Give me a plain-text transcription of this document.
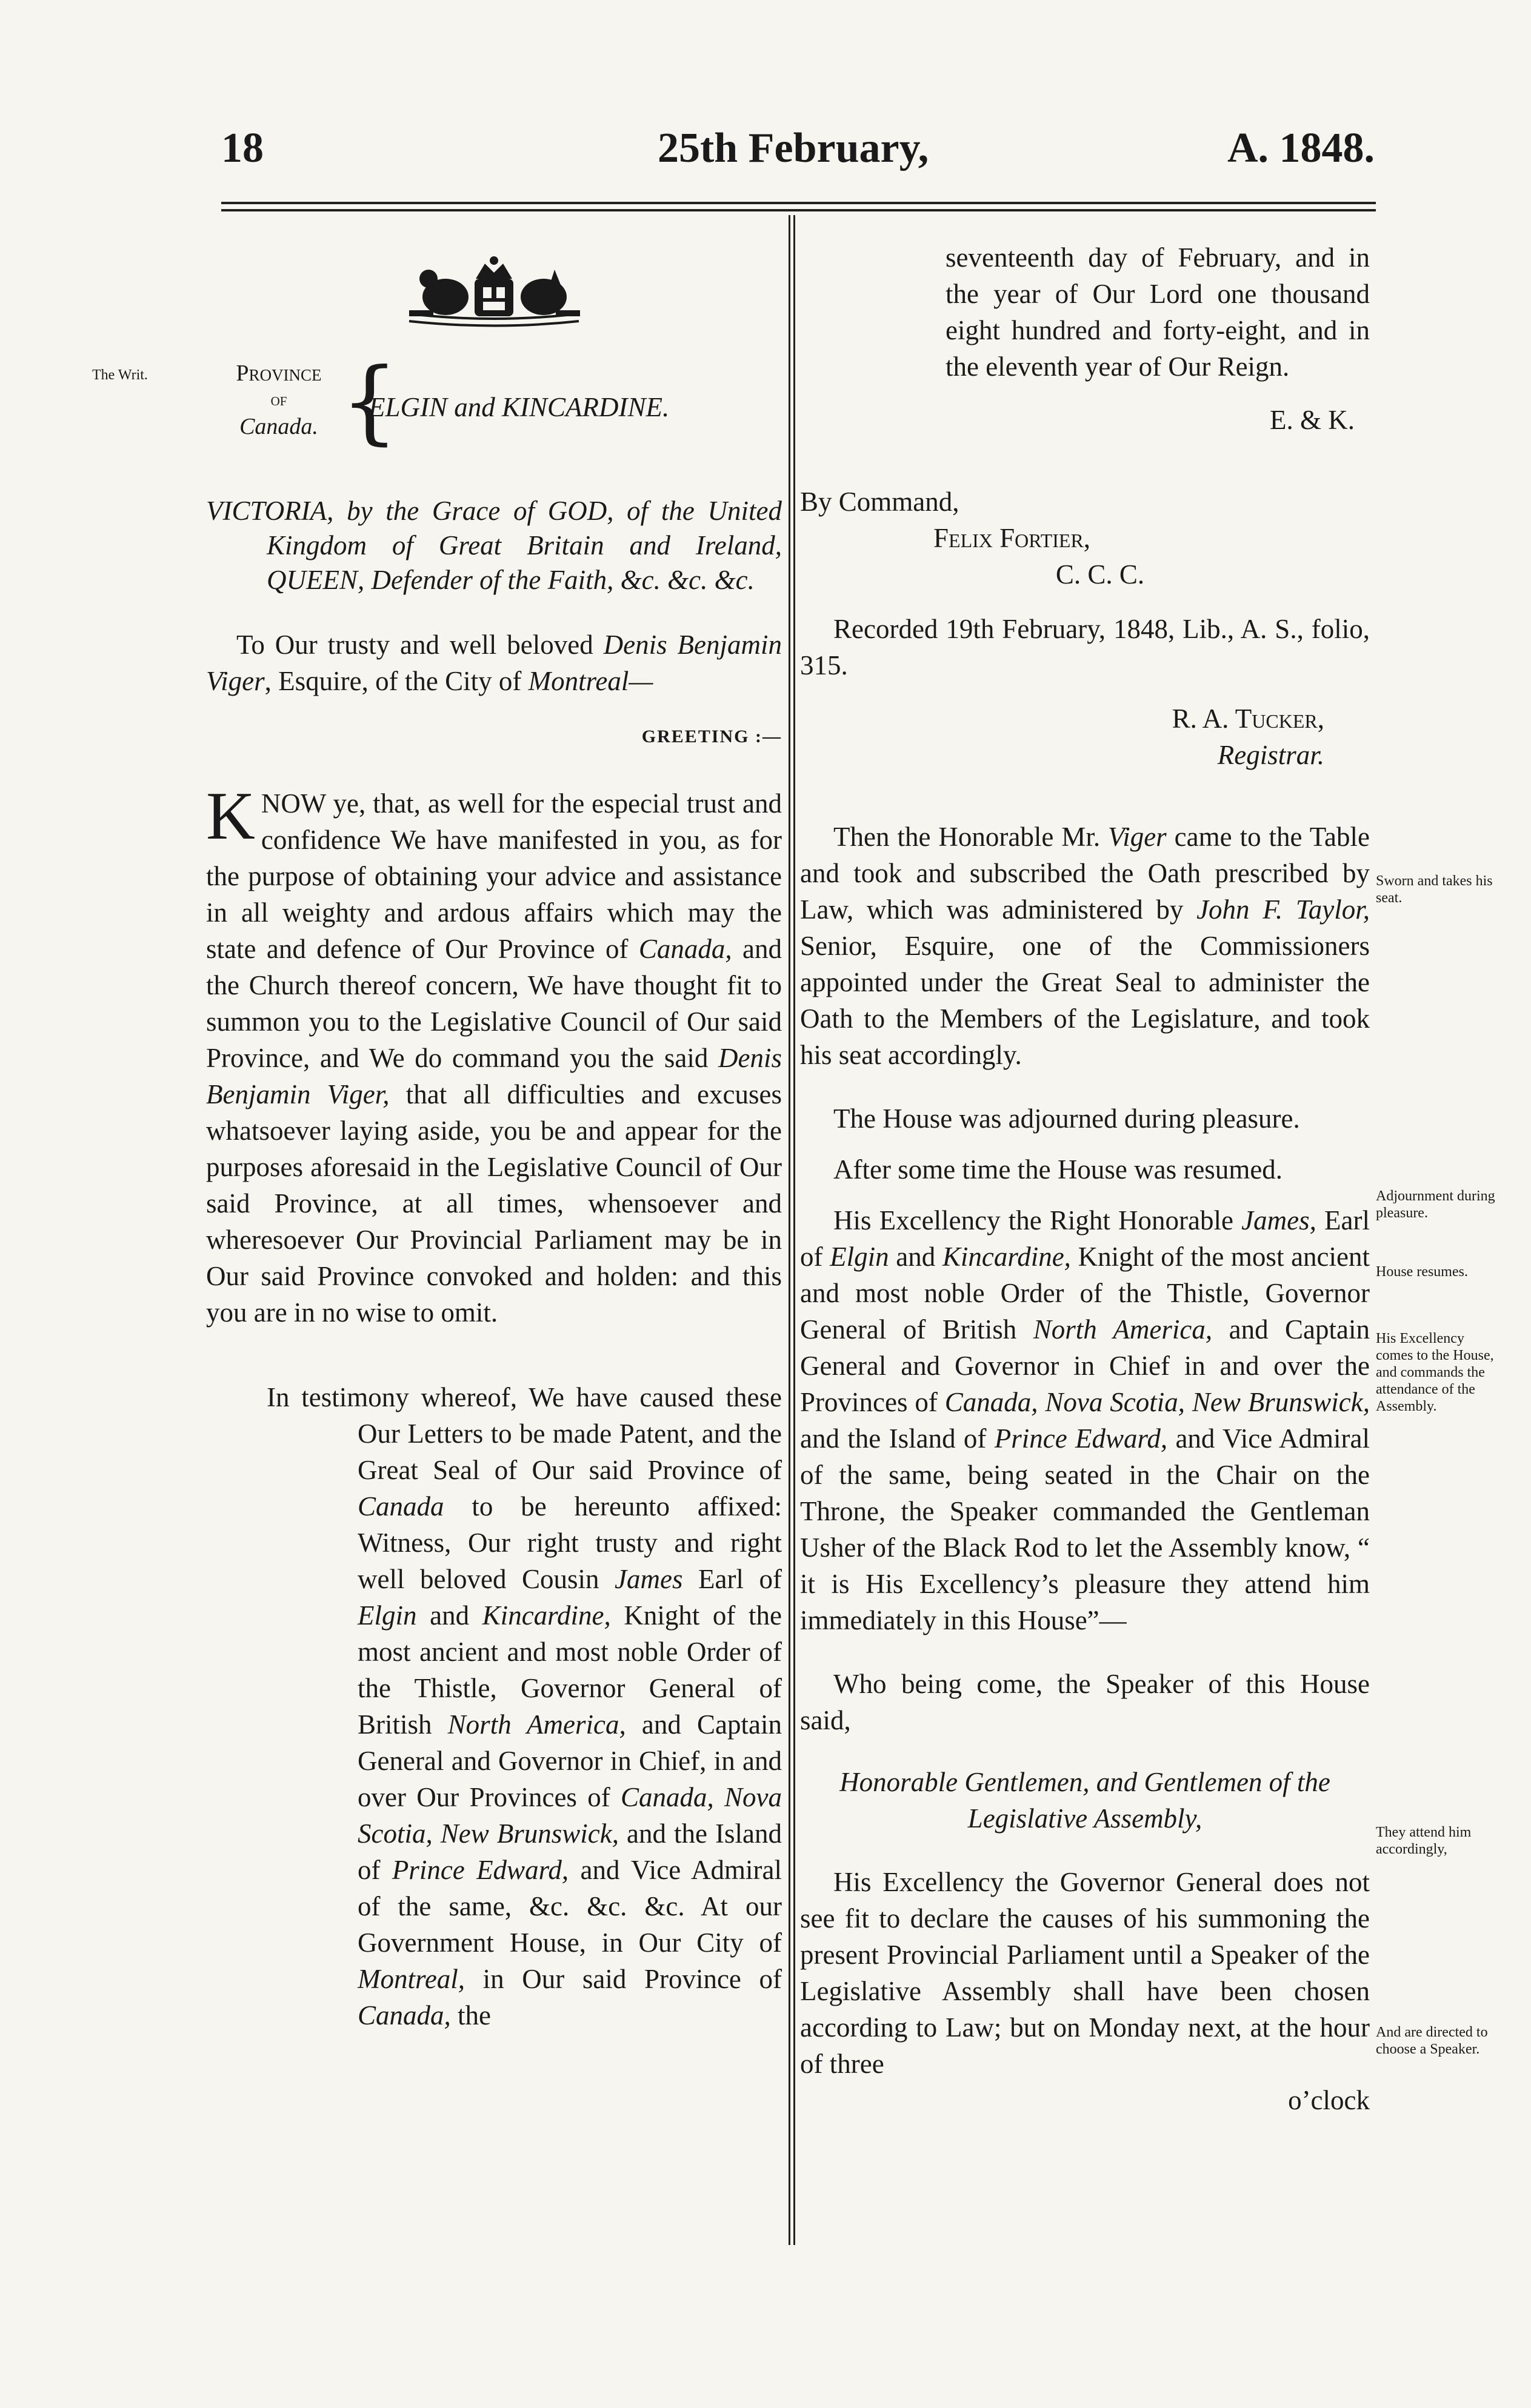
18	25th February,	A. 1848.
The Writ.	Province
of
Canada. {
ELGIN and KINCARDINE.

VICTORIA, by the Grace of GOD, of the United Kingdom of Great Britain and Ireland, QUEEN, Defender of the Faith, &c. &c. &c.

To Our trusty and well beloved Denis Benjamin Viger, Esquire, of the City of Montreal—

GREETING :—

KNOW ye, that, as well for the especial trust and confidence We have manifested in you, as for the purpose of obtaining your advice and assistance in all weighty and ardous affairs which may the state and defence of Our Province of Canada, and the Church thereof concern, We have thought fit to summon you to the Legislative Council of Our said Province, and We do command you the said Denis Benjamin Viger, that all difficulties and excuses whatsoever laying aside, you be and appear for the purposes aforesaid in the Legislative Council of Our said Province, at all times, whensoever and wheresoever Our Provincial Parliament may be in Our said Province convoked and holden: and this you are in no wise to omit.

In testimony whereof, We have caused these Our Letters to be made Patent, and the Great Seal of Our said Province of Canada to be hereunto affixed: Witness, Our right trusty and right well beloved Cousin James Earl of Elgin and Kincardine, Knight of the most ancient and most noble Order of the Thistle, Governor General of British North America, and Captain General and Governor in Chief, in and over Our Provinces of Canada, Nova Scotia, New Brunswick, and the Island of Prince Edward, and Vice Admiral of the same, &c. &c. &c. At our Government House, in Our City of Montreal, in Our said Province of Canada, the

seventeenth day of February, and in the year of Our Lord one thousand eight hundred and forty-eight, and in the eleventh year of Our Reign.

E. & K.

By Command,

Felix Fortier,

C. C. C.

Recorded 19th February, 1848, Lib., A. S., folio, 315.

R. A. Tucker,

Registrar.

Then the Honorable Mr. Viger came to the Table and took and subscribed the Oath prescribed by Law, which was administered by John F. Taylor, Senior, Esquire, one of the Commissioners appointed under the Great Seal to administer the Oath to the Members of the Legislature, and took his seat accordingly.

The House was adjourned during pleasure.

After some time the House was resumed.

His Excellency the Right Honorable James, Earl of Elgin and Kincardine, Knight of the most ancient and most noble Order of the Thistle, Governor General of British North America, and Captain General and Governor in Chief in and over the Provinces of Canada, Nova Scotia, New Brunswick, and the Island of Prince Edward, and Vice Admiral of the same, being seated in the Chair on the Throne, the Speaker commanded the Gentleman Usher of the Black Rod to let the Assembly know, “ it is His Excellency’s pleasure they attend him immediately in this House”—

Who being come, the Speaker of this House said,

Honorable Gentlemen, and Gentlemen of the Legislative Assembly,

His Excellency the Governor General does not see fit to declare the causes of his summoning the present Provincial Parliament until a Speaker of the Legislative Assembly shall have been chosen according to Law; but on Monday next, at the hour of three

o’clock

Sworn and takes his seat.
Adjournment during pleasure.
House resumes.
His Excellency comes to the House, and commands the attendance of the Assembly.
They attend him accordingly,
And are directed to choose a Speaker.
